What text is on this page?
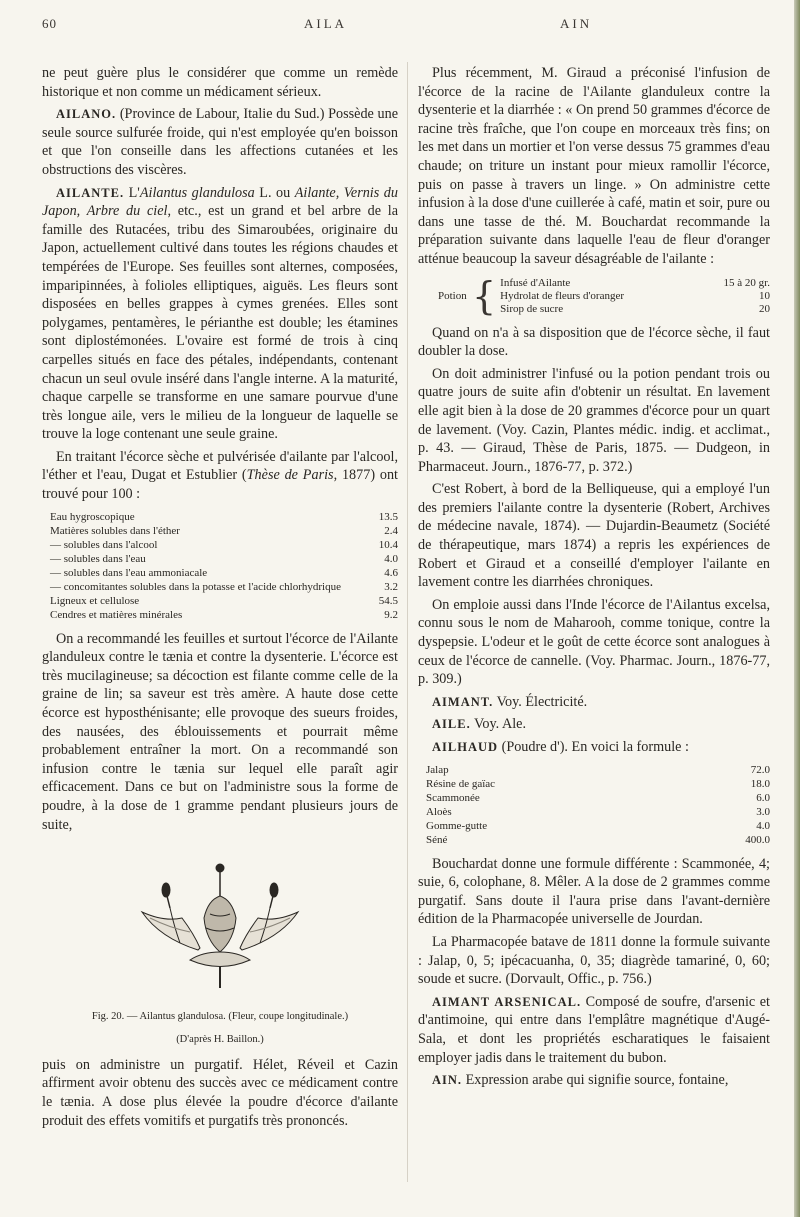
60	AILA	AIN

ne peut guère plus le considérer que comme un remède historique et non comme un médicament sérieux.

AILANO. (Province de Labour, Italie du Sud.) Possède une seule source sulfurée froide, qui n'est employée qu'en boisson et que l'on conseille dans les affections cutanées et les obstructions des viscères.

AILANTE. L'Ailantus glandulosa L. ou Ailante, Vernis du Japon, Arbre du ciel, etc., est un grand et bel arbre de la famille des Rutacées, tribu des Simaroubées, originaire du Japon, actuellement cultivé dans toutes les régions chaudes et tempérées de l'Europe. Ses feuilles sont alternes, composées, imparipinnées, à folioles elliptiques, aiguës. Les fleurs sont disposées en belles grappes à cymes grenées. Elles sont polygames, pentamères, le périanthe est double; les étamines sont diplostémonées. L'ovaire est formé de trois à cinq carpelles situés en face des pétales, indépendants, contenant chacun un seul ovule inséré dans l'angle interne. A la maturité, chaque carpelle se transforme en une samare pourvue d'une très longue aile, vers le milieu de la longueur de laquelle se trouve la loge contenant une seule graine.

En traitant l'écorce sèche et pulvérisée d'ailante par l'alcool, l'éther et l'eau, Dugat et Estublier (Thèse de Paris, 1877) ont trouvé pour 100 :

Eau hygroscopique	13.5
Matières solubles dans l'éther	2.4
— solubles dans l'alcool	10.4
— solubles dans l'eau	4.0
— solubles dans l'eau ammoniacale	4.6
— concomitantes solubles dans la potasse et l'acide chlorhydrique	3.2
Ligneux et cellulose	54.5
Cendres et matières minérales	9.2

On a recommandé les feuilles et surtout l'écorce de l'Ailante glanduleux contre le tænia et contre la dysenterie. L'écorce est très mucilagineuse; sa décoction est filante comme celle de la graine de lin; sa saveur est très amère. A haute dose cette écorce est hyposthénisante; elle provoque des sueurs froides, des nausées, des éblouissements et pourrait même probablement entraîner la mort. On a recommandé son infusion contre le tænia sur lequel elle paraît agir efficacement. Dans ce but on l'administre sous la forme de poudre, à la dose de 1 gramme pendant plusieurs jours de suite,

Fig. 20. — Ailantus glandulosa. (Fleur, coupe longitudinale.)
(D'après H. Baillon.)

puis on administre un purgatif. Hélet, Réveil et Cazin affirment avoir obtenu des succès avec ce médicament contre le tænia. A dose plus élevée la poudre d'écorce d'ailante produit des effets vomitifs et purgatifs très prononcés.

Plus récemment, M. Giraud a préconisé l'infusion de l'écorce de la racine de l'Ailante glanduleux contre la dysenterie et la diarrhée : « On prend 50 grammes d'écorce de racine très fraîche, que l'on coupe en morceaux très fins; on les met dans un mortier et l'on verse dessus 75 grammes d'eau chaude; on triture un instant pour mieux ramollir l'écorce, puis on passe à travers un linge. » On administre cette infusion à la dose d'une cuillerée à café, matin et soir, pure ou dans une tasse de thé. M. Bouchardat recommande la préparation suivante dans laquelle l'eau de fleur d'oranger atténue beaucoup la saveur désagréable de l'ailante :

Potion { Infusé d'Ailante	15 à 20 gr.
Hydrolat de fleurs d'oranger	10
Sirop de sucre	20

Quand on n'a à sa disposition que de l'écorce sèche, il faut doubler la dose.

On doit administrer l'infusé ou la potion pendant trois ou quatre jours de suite afin d'obtenir un résultat. En lavement elle agit bien à la dose de 20 grammes d'écorce pour un quart de lavement. (Voy. Cazin, Plantes médic. indig. et acclimat., p. 43. — Giraud, Thèse de Paris, 1875. — Dudgeon, in Pharmaceut. Journ., 1876-77, p. 372.)

C'est Robert, à bord de la Belliqueuse, qui a employé l'un des premiers l'ailante contre la dysenterie (Robert, Archives de médecine navale, 1874). — Dujardin-Beaumetz (Société de thérapeutique, mars 1874) a repris les expériences de Robert et Giraud et a conseillé d'employer l'ailante en lavement contre les diarrhées chroniques.

On emploie aussi dans l'Inde l'écorce de l'Ailantus excelsa, connu sous le nom de Maharooh, comme tonique, contre la dyspepsie. L'odeur et le goût de cette écorce sont analogues à ceux de l'écorce de cannelle. (Voy. Pharmac. Journ., 1876-77, p. 309.)

AIMANT. Voy. Électricité.

AILE. Voy. Ale.

AILHAUD (Poudre d'). En voici la formule :

Jalap	72.0
Résine de gaïac	18.0
Scammonée	6.0
Aloès	3.0
Gomme-gutte	4.0
Séné	400.0

Bouchardat donne une formule différente : Scammonée, 4; suie, 6, colophane, 8. Mêler. A la dose de 2 grammes comme purgatif. Sans doute il l'aura prise dans l'avant-dernière édition de la Pharmacopée universelle de Jourdan.

La Pharmacopée batave de 1811 donne la formule suivante : Jalap, 0, 5; ipécacuanha, 0, 35; diagrède tamariné, 0, 60; soude et sucre. (Dorvault, Offic., p. 756.)

AIMANT ARSENICAL. Composé de soufre, d'arsenic et d'antimoine, qui entre dans l'emplâtre magnétique d'Augé-Sala, et dont les propriétés escharatiques le faisaient employer jadis dans le traitement du bubon.

AIN. Expression arabe qui signifie source, fontaine,
